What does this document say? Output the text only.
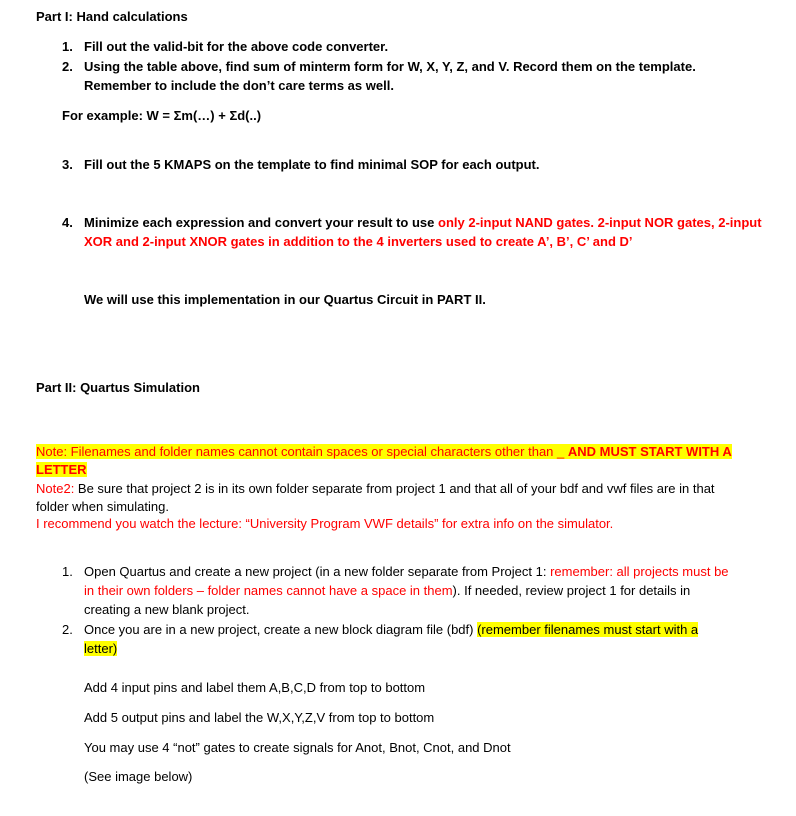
Part I: Hand calculations
1. Fill out the valid-bit for the above code converter.
2. Using the table above, find sum of minterm form for W, X, Y, Z, and V. Record them on the template.
Remember to include the don’t care terms as well.
For example: W = Σm(…) + Σd(..)
3. Fill out the 5 KMAPS on the template to find minimal SOP for each output.
4. Minimize each expression and convert your result to use only 2-input NAND gates. 2-input NOR gates, 2-input
XOR and 2-input XNOR gates in addition to the 4 inverters used to create A’, B’, C’ and D’
We will use this implementation in our Quartus Circuit in PART II.
Part II: Quartus Simulation
Note: Filenames and folder names cannot contain spaces or special characters other than _ AND MUST START WITH A
LETTER
Note2: Be sure that project 2 is in its own folder separate from project 1 and that all of your bdf and vwf files are in that
folder when simulating.
I recommend you watch the lecture: “University Program VWF details” for extra info on the simulator.
1. Open Quartus and create a new project (in a new folder separate from Project 1: remember: all projects must be
in their own folders – folder names cannot have a space in them). If needed, review project 1 for details in
creating a new blank project.
2. Once you are in a new project, create a new block diagram file (bdf) (remember filenames must start with a
letter)
Add 4 input pins and label them A,B,C,D from top to bottom
Add 5 output pins and label the W,X,Y,Z,V from top to bottom
You may use 4 “not” gates to create signals for Anot, Bnot, Cnot, and Dnot
(See image below)
